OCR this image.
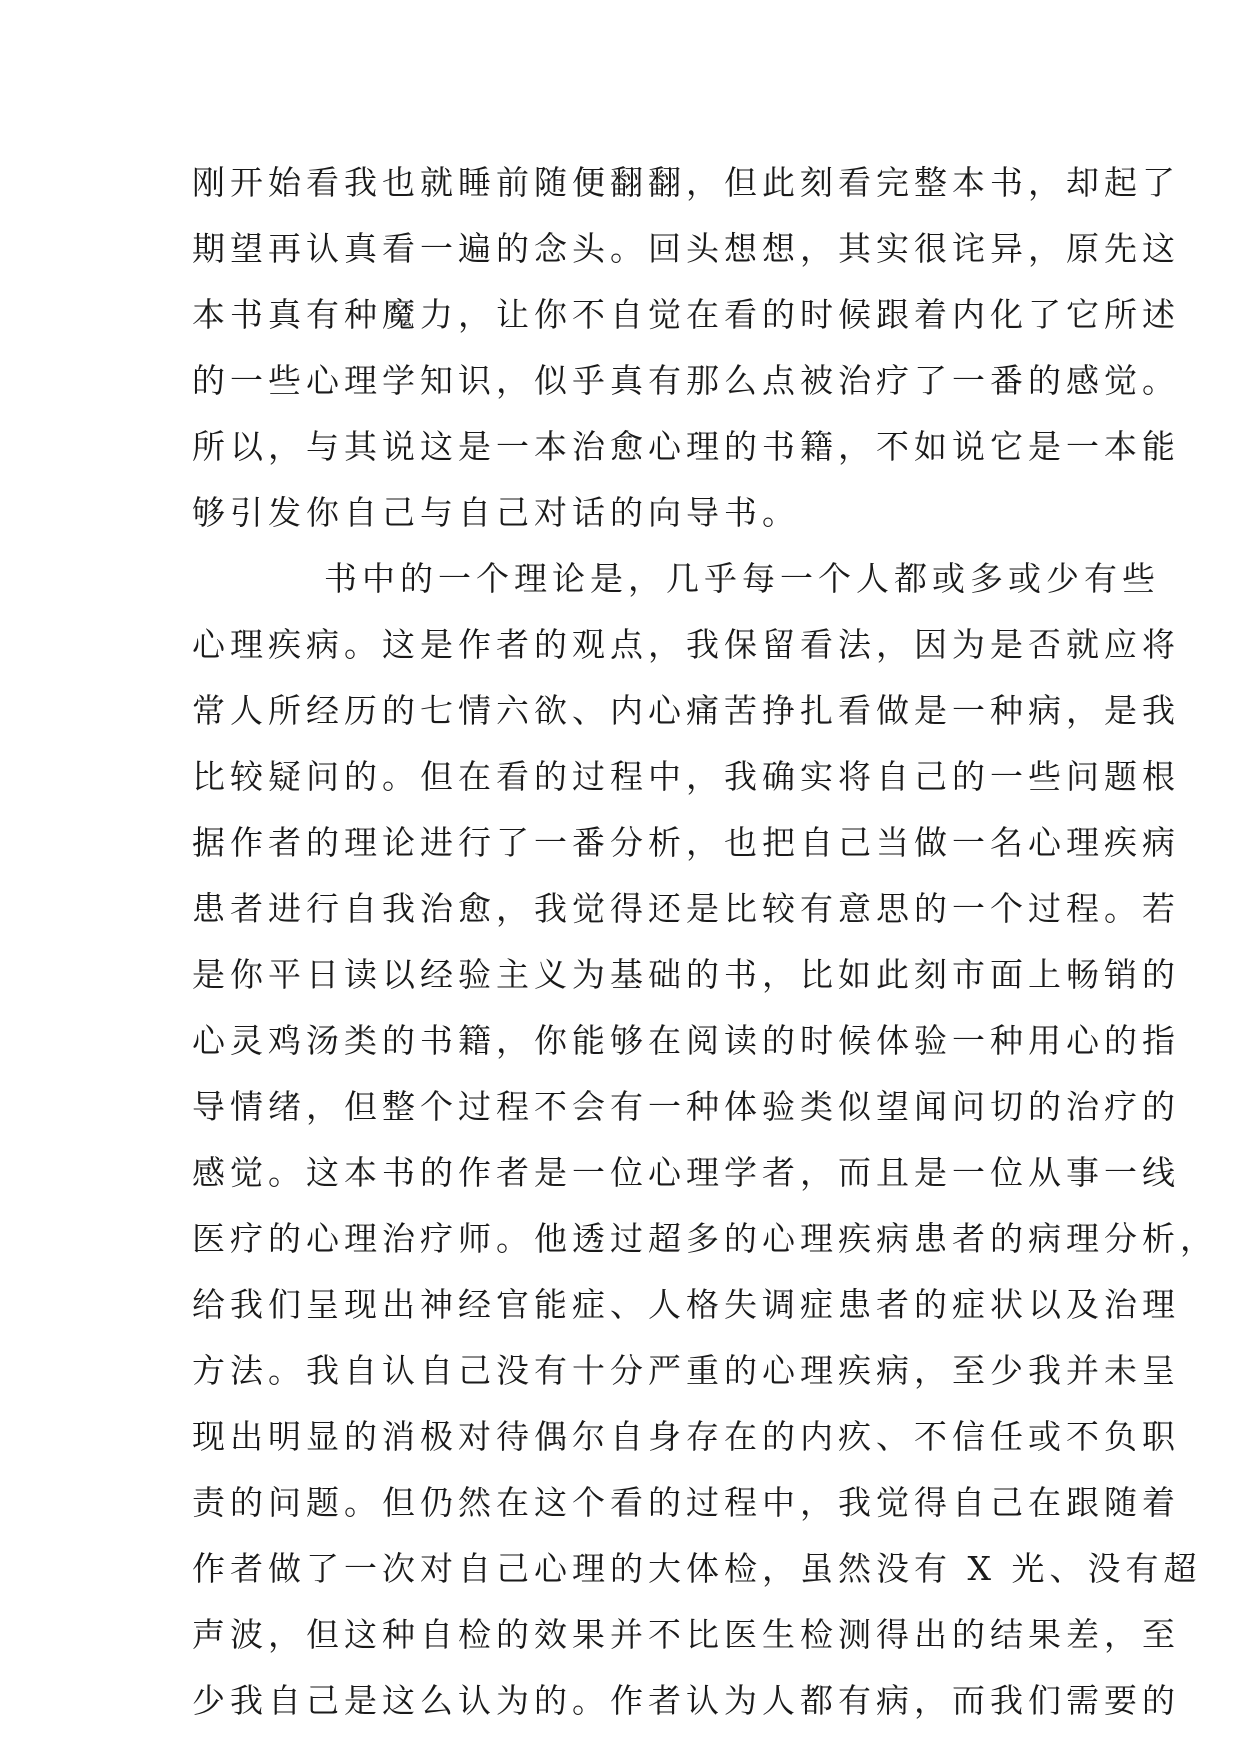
刚开始看我也就睡前随便翻翻，但此刻看完整本书，却起了
期望再认真看一遍的念头。回头想想，其实很诧异，原先这
本书真有种魔力，让你不自觉在看的时候跟着内化了它所述
的一些心理学知识，似乎真有那么点被治疗了一番的感觉。
所以，与其说这是一本治愈心理的书籍，不如说它是一本能
够引发你自己与自己对话的向导书。
书中的一个理论是，几乎每一个人都或多或少有些
心理疾病。这是作者的观点，我保留看法，因为是否就应将
常人所经历的七情六欲、内心痛苦挣扎看做是一种病，是我
比较疑问的。但在看的过程中，我确实将自己的一些问题根
据作者的理论进行了一番分析，也把自己当做一名心理疾病
患者进行自我治愈，我觉得还是比较有意思的一个过程。若
是你平日读以经验主义为基础的书，比如此刻市面上畅销的
心灵鸡汤类的书籍，你能够在阅读的时候体验一种用心的指
导情绪，但整个过程不会有一种体验类似望闻问切的治疗的
感觉。这本书的作者是一位心理学者，而且是一位从事一线
医疗的心理治疗师。他透过超多的心理疾病患者的病理分析，
给我们呈现出神经官能症、人格失调症患者的症状以及治理
方法。我自认自己没有十分严重的心理疾病，至少我并未呈
现出明显的消极对待偶尔自身存在的内疚、不信任或不负职
责的问题。但仍然在这个看的过程中，我觉得自己在跟随着
作者做了一次对自己心理的大体检，虽然没有 X 光、没有超
声波，但这种自检的效果并不比医生检测得出的结果差，至
少我自己是这么认为的。作者认为人都有病，而我们需要的
